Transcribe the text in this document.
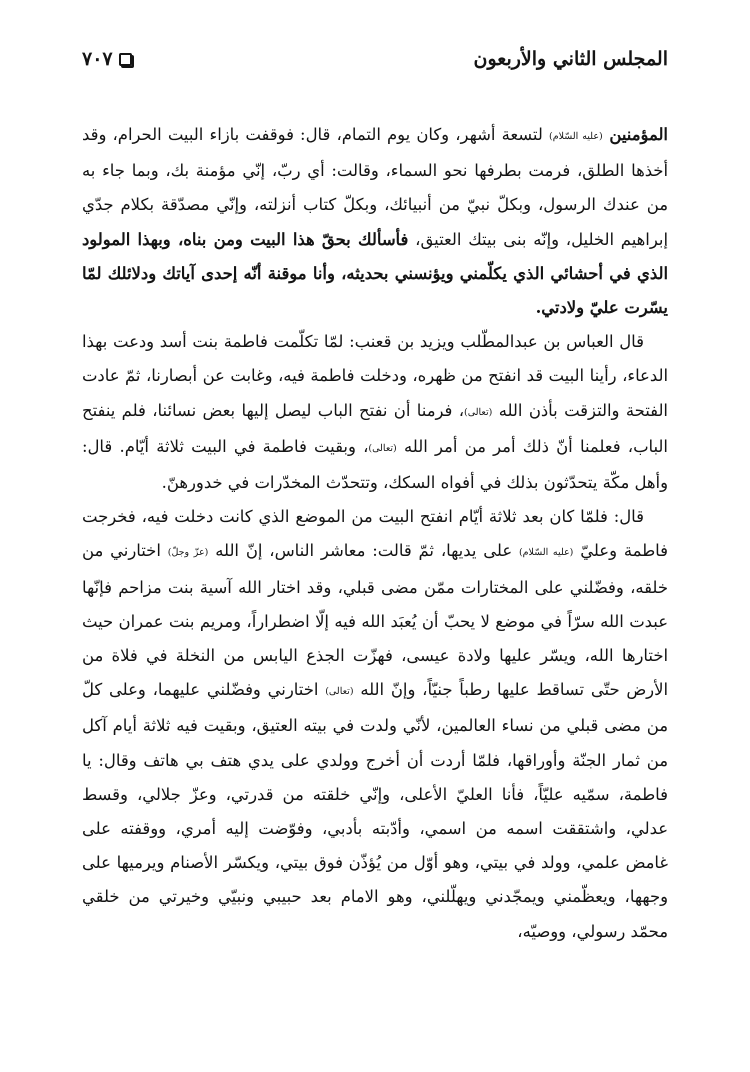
المجلس الثاني والأربعون
٧٠٧

المؤمنين (عليه السّلام) لتسعة أشهر، وكان يوم التمام، قال: فوقفت بازاء البيت الحرام، وقد أخذها الطلق، فرمت بطرفها نحو السماء، وقالت: أي ربّ، إنّي مؤمنة بك، وبما جاء به من عندك الرسول، وبكلّ نبيّ من أنبيائك، وبكلّ كتاب أنزلته، وإنّي مصدّقة بكلام جدّي إبراهيم الخليل، وإنّه بنى بيتك العتيق، فأسألك بحقّ هذا البيت ومن بناه، وبهذا المولود الذي في أحشائي الذي يكلّمني ويؤنسني بحديثه، وأنا موقنة أنّه إحدى آياتك ودلائلك لمّا يسّرت عليّ ولادتي.

قال العباس بن عبدالمطّلب ويزيد بن قعنب: لمّا تكلّمت فاطمة بنت أسد ودعت بهذا الدعاء، رأينا البيت قد انفتح من ظهره، ودخلت فاطمة فيه، وغابت عن أبصارنا، ثمّ عادت الفتحة والتزقت بأذن الله (تعالى)، فرمنا أن نفتح الباب ليصل إليها بعض نسائنا، فلم ينفتح الباب، فعلمنا أنّ ذلك أمر من أمر الله (تعالى)، وبقيت فاطمة في البيت ثلاثة أيّام. قال: وأهل مكّة يتحدّثون بذلك في أفواه السكك، وتتحدّث المخدّرات في خدورهنّ.

قال: فلمّا كان بعد ثلاثة أيّام انفتح البيت من الموضع الذي كانت دخلت فيه، فخرجت فاطمة وعليّ (عليه السّلام) على يديها، ثمّ قالت: معاشر الناس، إنّ الله (عزّ وجلّ) اختارني من خلقه، وفضّلني على المختارات ممّن مضى قبلي، وقد اختار الله آسية بنت مزاحم فإنّها عبدت الله سرّاً في موضع لا يحبّ أن يُعبَد الله فيه إلّا اضطراراً، ومريم بنت عمران حيث اختارها الله، ويسّر عليها ولادة عيسى، فهزّت الجذع اليابس من النخلة في فلاة من الأرض حتّى تساقط عليها رطباً جنيّاً، وإنّ الله (تعالى) اختارني وفضّلني عليهما، وعلى كلّ من مضى قبلي من نساء العالمين، لأنّي ولدت في بيته العتيق، وبقيت فيه ثلاثة أيام آكل من ثمار الجنّة وأوراقها، فلمّا أردت أن أخرج وولدي على يدي هتف بي هاتف وقال: يا فاطمة، سمّيه عليّاً، فأنا العليّ الأعلى، وإنّي خلقته من قدرتي، وعزّ جلالي، وقسط عدلي، واشتققت اسمه من اسمي، وأدّبته بأدبي، وفوّضت إليه أمري، ووقفته على غامض علمي، وولد في بيتي، وهو أوّل من يُؤذّن فوق بيتي، ويكسّر الأصنام ويرميها على وجهها، ويعظّمني ويمجّدني ويهلّلني، وهو الامام بعد حبيبي ونبيّي وخيرتي من خلقي محمّد رسولي، ووصيّه،
